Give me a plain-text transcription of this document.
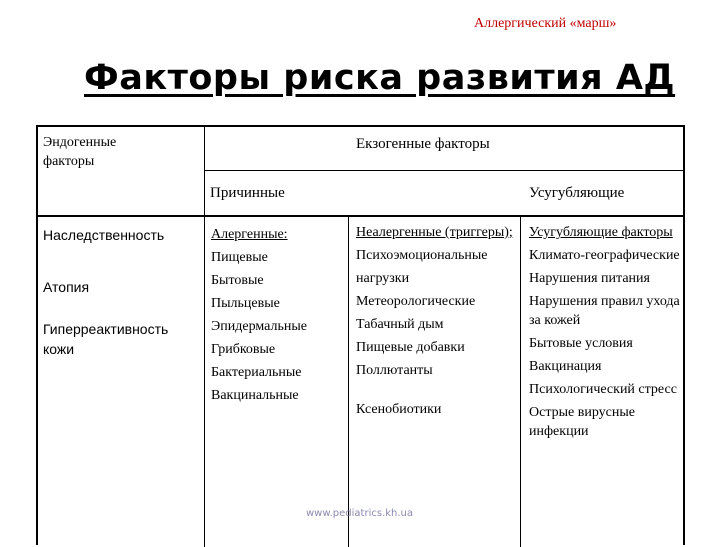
Аллергический «марш»
Факторы риска развития АД
Эндогенные
факторы
Екзогенные факторы
Причинные	Усугубляющие
Наследственность
Атопия
Гиперреактивность кожи
Алергенные:
Пищевые
Бытовые
Пыльцевые
Эпидермальные
Грибковые
Бактериальные
Вакцинальные
Неалергенные (триггеры);
Психоэмоциональные нагрузки
Метеорологические
Табачный дым
Пищевые добавки
Поллютанты
Ксенобиотики
Усугубляющие факторы
Климато-географические
Нарушения питания
Нарушения правил ухода за кожей
Бытовые условия
Вакцинация
Психологический стресс
Острые вирусные инфекции
www.pediatrics.kh.ua
